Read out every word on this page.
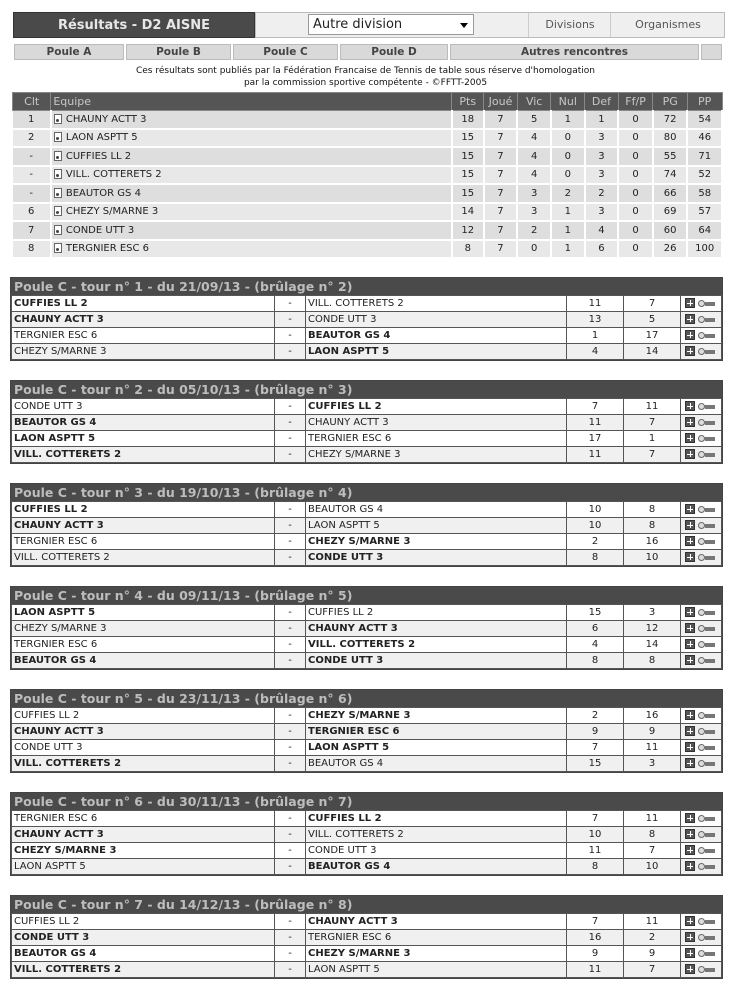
Résultats - D2 AISNE	Autre division	Divisions	Organismes
Poule A	Poule B	Poule C	Poule D	Autres rencontres
Ces résultats sont publiés par la Fédération Francaise de Tennis de table sous réserve d'homologation
par la commission sportive compétente - ©FFTT-2005
Clt	Equipe	Pts	Joué	Vic	Nul	Def	Ff/P	PG	PP
1	CHAUNY ACTT 3	18	7	5	1	1	0	72	54
2	LAON ASPTT 5	15	7	4	0	3	0	80	46
-	CUFFIES LL 2	15	7	4	0	3	0	55	71
-	VILL. COTTERETS 2	15	7	4	0	3	0	74	52
-	BEAUTOR GS 4	15	7	3	2	2	0	66	58
6	CHEZY S/MARNE 3	14	7	3	1	3	0	69	57
7	CONDE UTT 3	12	7	2	1	4	0	60	64
8	TERGNIER ESC 6	8	7	0	1	6	0	26	100
Poule C - tour n° 1 - du 21/09/13 - (brûlage n° 2)
CUFFIES LL 2	-	VILL. COTTERETS 2	11	7	
CHAUNY ACTT 3	-	CONDE UTT 3	13	5	
TERGNIER ESC 6	-	BEAUTOR GS 4	1	17	
CHEZY S/MARNE 3	-	LAON ASPTT 5	4	14	
Poule C - tour n° 2 - du 05/10/13 - (brûlage n° 3)
CONDE UTT 3	-	CUFFIES LL 2	7	11	
BEAUTOR GS 4	-	CHAUNY ACTT 3	11	7	
LAON ASPTT 5	-	TERGNIER ESC 6	17	1	
VILL. COTTERETS 2	-	CHEZY S/MARNE 3	11	7	
Poule C - tour n° 3 - du 19/10/13 - (brûlage n° 4)
CUFFIES LL 2	-	BEAUTOR GS 4	10	8	
CHAUNY ACTT 3	-	LAON ASPTT 5	10	8	
TERGNIER ESC 6	-	CHEZY S/MARNE 3	2	16	
VILL. COTTERETS 2	-	CONDE UTT 3	8	10	
Poule C - tour n° 4 - du 09/11/13 - (brûlage n° 5)
LAON ASPTT 5	-	CUFFIES LL 2	15	3	
CHEZY S/MARNE 3	-	CHAUNY ACTT 3	6	12	
TERGNIER ESC 6	-	VILL. COTTERETS 2	4	14	
BEAUTOR GS 4	-	CONDE UTT 3	8	8	
Poule C - tour n° 5 - du 23/11/13 - (brûlage n° 6)
CUFFIES LL 2	-	CHEZY S/MARNE 3	2	16	
CHAUNY ACTT 3	-	TERGNIER ESC 6	9	9	
CONDE UTT 3	-	LAON ASPTT 5	7	11	
VILL. COTTERETS 2	-	BEAUTOR GS 4	15	3	
Poule C - tour n° 6 - du 30/11/13 - (brûlage n° 7)
TERGNIER ESC 6	-	CUFFIES LL 2	7	11	
CHAUNY ACTT 3	-	VILL. COTTERETS 2	10	8	
CHEZY S/MARNE 3	-	CONDE UTT 3	11	7	
LAON ASPTT 5	-	BEAUTOR GS 4	8	10	
Poule C - tour n° 7 - du 14/12/13 - (brûlage n° 8)
CUFFIES LL 2	-	CHAUNY ACTT 3	7	11	
CONDE UTT 3	-	TERGNIER ESC 6	16	2	
BEAUTOR GS 4	-	CHEZY S/MARNE 3	9	9	
VILL. COTTERETS 2	-	LAON ASPTT 5	11	7	
